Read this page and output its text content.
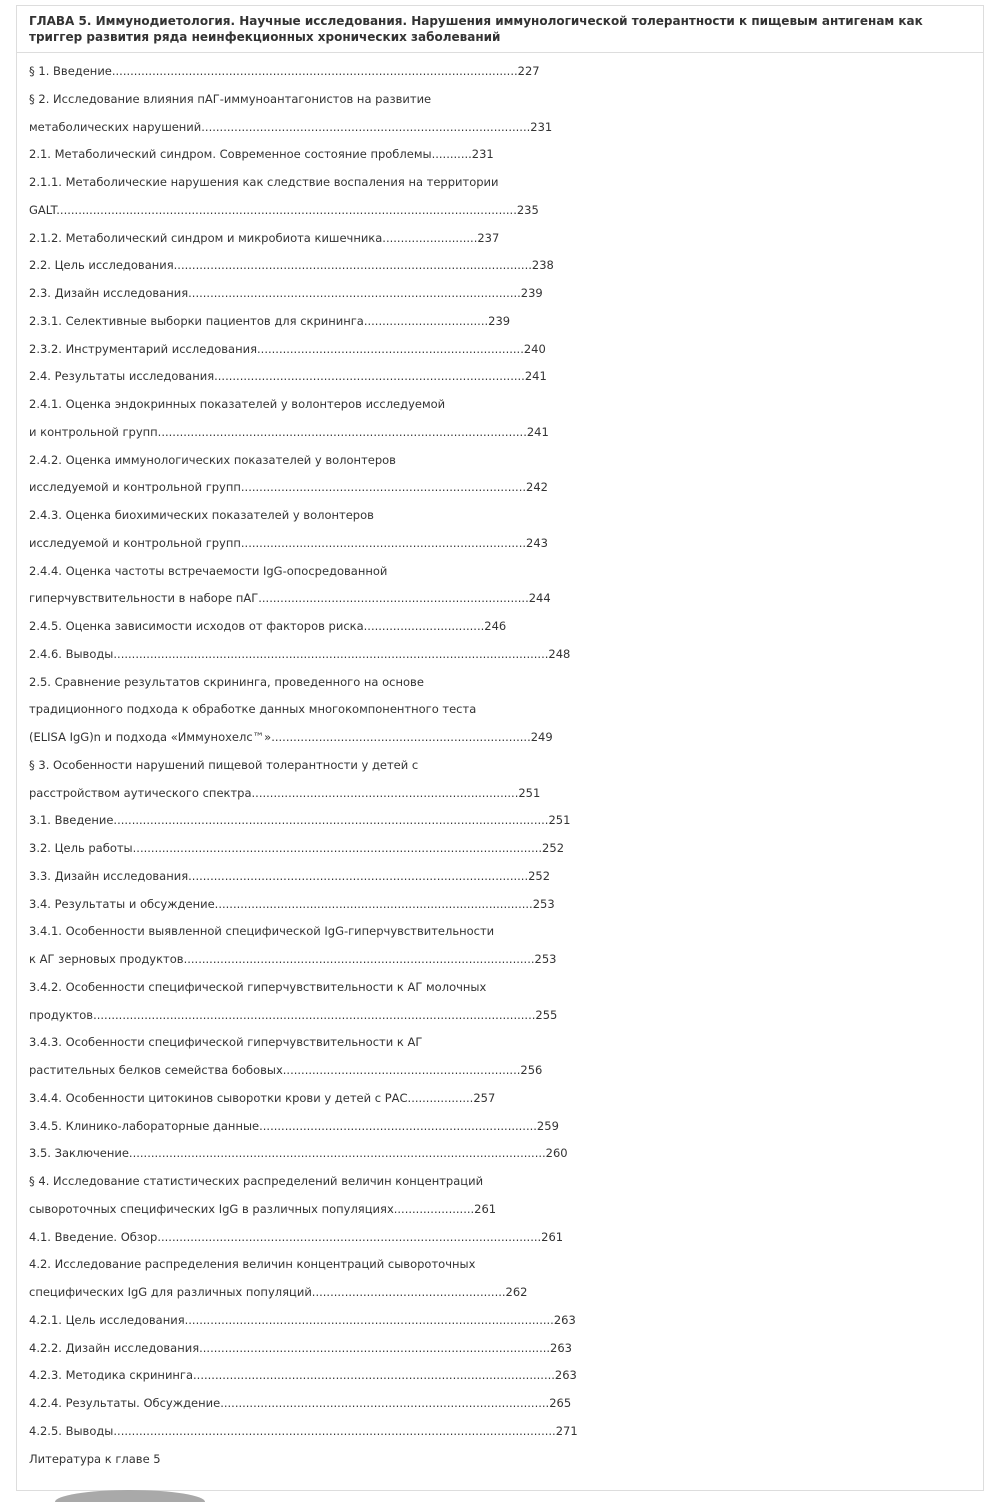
ГЛАВА 5. Иммунодиетология. Научные исследования. Нарушения иммунологической толерантности к пищевым антигенам как триггер развития ряда неинфекционных хронических заболеваний

§ 1. Введение...............................................................................................................227
§ 2. Исследование влияния пАГ-иммуноантагонистов на развитие
метаболических нарушений..........................................................................................231
2.1. Метаболический синдром. Современное состояние проблемы...........231
2.1.1. Метаболические нарушения как следствие воспаления на территории
GALT..............................................................................................................................235
2.1.2. Метаболический синдром и микробиота кишечника..........................237
2.2. Цель исследования..................................................................................................238
2.3. Дизайн исследования...........................................................................................239
2.3.1. Селективные выборки пациентов для скрининга..................................239
2.3.2. Инструментарий исследования.........................................................................240
2.4. Результаты исследования.....................................................................................241
2.4.1. Оценка эндокринных показателей у волонтеров исследуемой
и контрольной групп.....................................................................................................241
2.4.2. Оценка иммунологических показателей у волонтеров
исследуемой и контрольной групп..............................................................................242
2.4.3. Оценка биохимических показателей у волонтеров
исследуемой и контрольной групп..............................................................................243
2.4.4. Оценка частоты встречаемости IgG-опосредованной
гиперчувствительности в наборе пАГ..........................................................................244
2.4.5. Оценка зависимости исходов от факторов риска.................................246
2.4.6. Выводы.......................................................................................................................248
2.5. Сравнение результатов скрининга, проведенного на основе
традиционного подхода к обработке данных многокомпонентного теста
(ELISA IgG)n и подхода «Иммунохелс™».......................................................................249
§ 3. Особенности нарушений пищевой толерантности у детей с
расстройством аутического спектра.........................................................................251
3.1. Введение.......................................................................................................................251
3.2. Цель работы................................................................................................................252
3.3. Дизайн исследования.............................................................................................252
3.4. Результаты и обсуждение.......................................................................................253
3.4.1. Особенности выявленной специфической IgG-гиперчувствительности
к АГ зерновых продуктов................................................................................................253
3.4.2. Особенности специфической гиперчувствительности к АГ молочных
продуктов.........................................................................................................................255
3.4.3. Особенности специфической гиперчувствительности к АГ
растительных белков семейства бобовых.................................................................256
3.4.4. Особенности цитокинов сыворотки крови у детей с РАС..................257
3.4.5. Клинико-лабораторные данные............................................................................259
3.5. Заключение..................................................................................................................260
§ 4. Исследование статистических распределений величин концентраций
сывороточных специфических IgG в различных популяциях......................261
4.1. Введение. Обзор.........................................................................................................261
4.2. Исследование распределения величин концентраций сывороточных
специфических IgG для различных популяций.....................................................262
4.2.1. Цель исследования.....................................................................................................263
4.2.2. Дизайн исследования................................................................................................263
4.2.3. Методика скрининга...................................................................................................263
4.2.4. Результаты. Обсуждение..........................................................................................265
4.2.5. Выводы.........................................................................................................................271
Литература к главе 5
